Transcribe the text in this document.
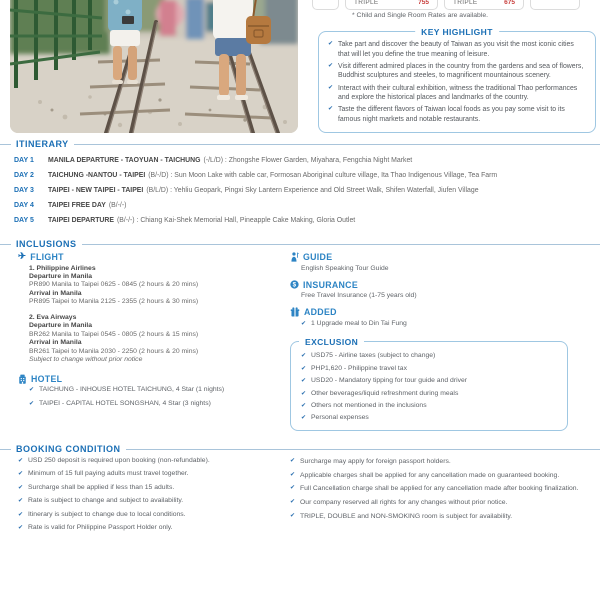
TRIPLE	755	TRIPLE	675
* Child and Single Room Rates are available.
KEY HIGHLIGHT
✔ Take part and discover the beauty of Taiwan as you visit the most iconic cities that will let you define the true meaning of leisure.
✔ Visit different admired places in the country from the gardens and sea of flowers, Buddhist sculptures and steeles, to magnificent mountainous scenery.
✔ Interact with their cultural exhibition, witness the traditional Thao performances and explore the historical places and landmarks of the country.
✔ Taste the different flavors of Taiwan local foods as you pay some visit to its famous night markets and notable restaurants.
ITINERARY
DAY 1	MANILA DEPARTURE - TAOYUAN - TAICHUNG (-/L/D) : Zhongshe Flower Garden, Miyahara, Fengchia Night Market
DAY 2	TAICHUNG -NANTOU - TAIPEI (B/-/D) : Sun Moon Lake with cable car, Formosan Aboriginal culture village, Ita Thao Indigenous Village, Tea Farm
DAY 3	TAIPEI - NEW TAIPEI - TAIPEI (B/L/D) : Yehliu Geopark, Pingxi Sky Lantern Experience and Old Street Walk, Shifen Waterfall, Jiufen Village
DAY 4	TAIPEI FREE DAY (B/-/-)
DAY 5	TAIPEI DEPARTURE (B/-/-) : Chiang Kai-Shek Memorial Hall, Pineapple Cake Making, Gloria Outlet
INCLUSIONS
✈ FLIGHT
1. Philippine Airlines
Departure in Manila
PR890 Manila to Taipei 0625 - 0845 (2 hours & 20 mins)
Arrival in Manila
PR895 Taipei to Manila 2125 - 2355 (2 hours & 30 mins)
2. Eva Airways
Departure in Manila
BR262 Manila to Taipei 0545 - 0805 (2 hours & 15 mins)
Arrival in Manila
BR261 Taipei to Manila 2030 - 2250 (2 hours & 20 mins)
Subject to change without prior notice
HOTEL
✔ TAICHUNG - INHOUSE HOTEL TAICHUNG, 4 Star (1 nights)
✔ TAIPEI - CAPITAL HOTEL SONGSHAN, 4 Star (3 nights)
GUIDE
English Speaking Tour Guide
$ INSURANCE
Free Travel Insurance (1-75 years old)
ADDED
✔ 1 Upgrade meal to Din Tai Fung
EXCLUSION
✔ USD75 - Airline taxes (subject to change)
✔ PHP1,620 - Philippine travel tax
✔ USD20 - Mandatory tipping for tour guide and driver
✔ Other beverages/liquid refreshment during meals
✔ Others not mentioned in the inclusions
✔ Personal expenses
BOOKING CONDITION
✔ USD 250 deposit is required upon booking (non-refundable).
✔ Minimum of 15 full paying adults must travel together.
✔ Surcharge shall be applied if less than 15 adults.
✔ Rate is subject to change and subject to availability.
✔ Itinerary is subject to change due to local conditions.
✔ Rate is valid for Philippine Passport Holder only.
✔ Surcharge may apply for foreign passport holders.
✔ Applicable charges shall be applied for any cancellation made on guaranteed booking.
✔ Full Cancellation charge shall be applied for any cancellation made after booking finalization.
✔ Our company reserved all rights for any changes without prior notice.
✔ TRIPLE, DOUBLE and NON-SMOKING room is subject for availability.
